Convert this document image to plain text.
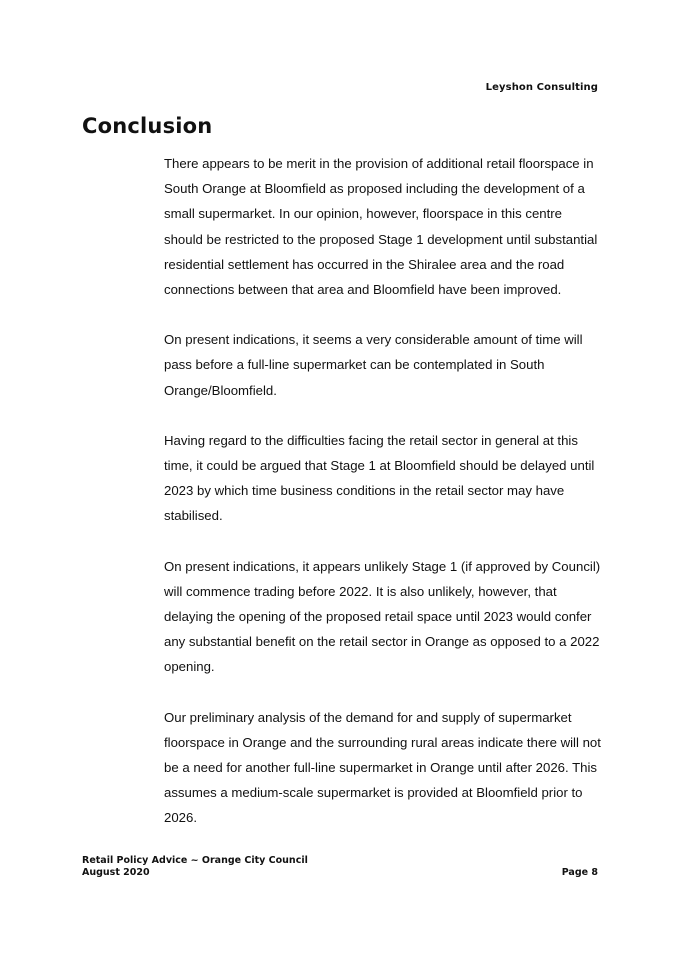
Leyshon Consulting
Conclusion

There appears to be merit in the provision of additional retail floorspace in South Orange at Bloomfield as proposed including the development of a small supermarket. In our opinion, however, floorspace in this centre should be restricted to the proposed Stage 1 development until substantial residential settlement has occurred in the Shiralee area and the road connections between that area and Bloomfield have been improved.

On present indications, it seems a very considerable amount of time will pass before a full-line supermarket can be contemplated in South Orange/Bloomfield.

Having regard to the difficulties facing the retail sector in general at this time, it could be argued that Stage 1 at Bloomfield should be delayed until 2023 by which time business conditions in the retail sector may have stabilised.

On present indications, it appears unlikely Stage 1 (if approved by Council) will commence trading before 2022. It is also unlikely, however, that delaying the opening of the proposed retail space until 2023 would confer any substantial benefit on the retail sector in Orange as opposed to a 2022 opening.

Our preliminary analysis of the demand for and supply of supermarket floorspace in Orange and the surrounding rural areas indicate there will not be a need for another full-line supermarket in Orange until after 2026. This assumes a medium-scale supermarket is provided at Bloomfield prior to 2026.

Retail Policy Advice ~ Orange City Council
August 2020	Page 8
